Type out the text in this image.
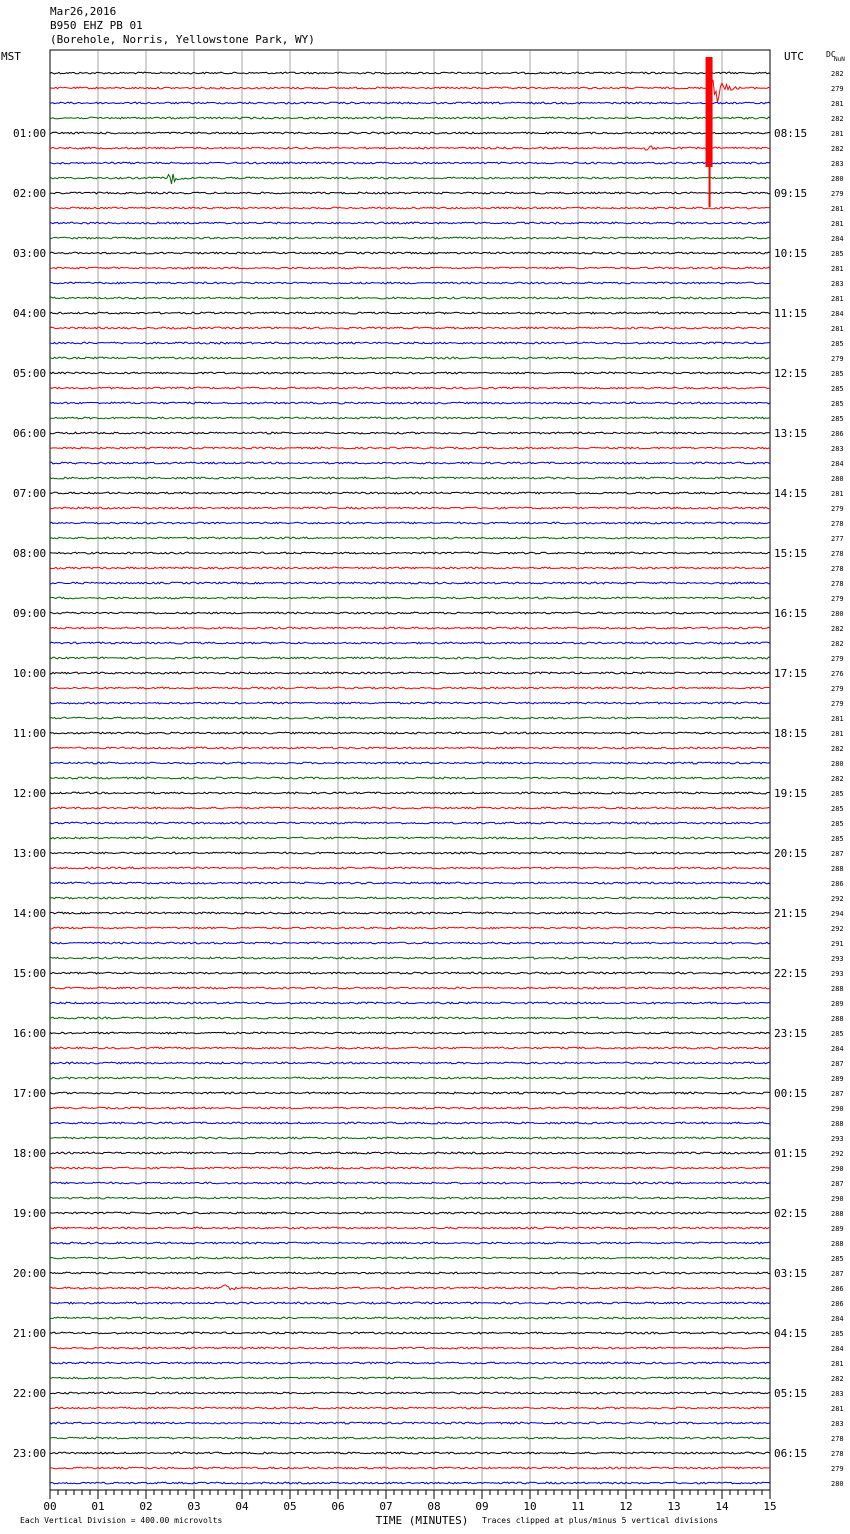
Mar26,2016
B950 EHZ PB 01
(Borehole, Norris, Yellowstone Park, WY)
MST	UTC	DC
NuN
01:00
02:00
03:00
04:00
05:00
06:00
07:00
08:00
09:00
10:00
11:00
12:00
13:00
14:00
15:00
16:00
17:00
18:00
19:00
20:00
21:00
22:00
23:00
08:15
09:15
10:15
11:15
12:15
13:15
14:15
15:15
16:15
17:15
18:15
19:15
20:15
21:15
22:15
23:15
00:15
01:15
02:15
03:15
04:15
05:15
06:15
282
279
281
282
281
282
283
280
279
281
281
284
285
281
283
281
284
281
285
279
285
285
285
285
286
283
284
280
281
279
278
277
278
278
278
279
280
282
282
279
276
279
279
281
281
282
280
282
285
285
285
285
287
288
286
292
294
292
291
293
293
288
289
288
285
284
287
289
287
290
288
293
292
290
287
290
288
289
288
285
287
286
286
284
285
284
281
282
283
281
283
278
278
279
280
00	01	02	03	04	05	06	07	08	09	10	11	12	13	14	15
TIME (MINUTES)
Each Vertical Division = 400.00 microvolts	Traces clipped at plus/minus 5 vertical divisions
